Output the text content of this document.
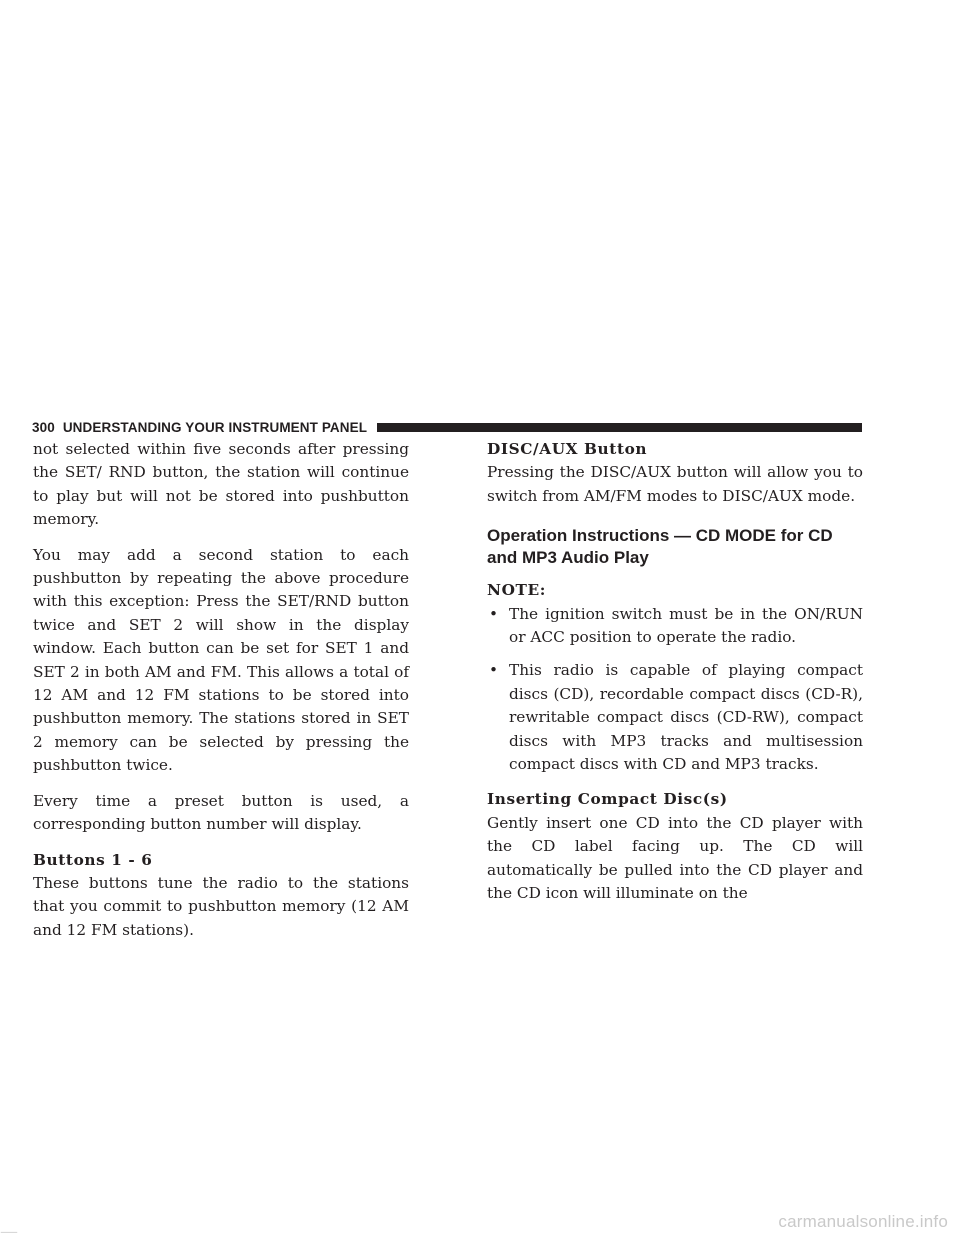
300 UNDERSTANDING YOUR INSTRUMENT PANEL

not selected within five seconds after pressing the SET/ RND button, the station will continue to play but will not be stored into pushbutton memory.

You may add a second station to each pushbutton by repeating the above procedure with this exception: Press the SET/RND button twice and SET 2 will show in the display window. Each button can be set for SET 1 and SET 2 in both AM and FM. This allows a total of 12 AM and 12 FM stations to be stored into pushbutton memory. The stations stored in SET 2 memory can be selected by pressing the pushbutton twice.

Every time a preset button is used, a corresponding button number will display.

Buttons 1 - 6

These buttons tune the radio to the stations that you commit to pushbutton memory (12 AM and 12 FM stations).

DISC/AUX Button

Pressing the DISC/AUX button will allow you to switch from AM/FM modes to DISC/AUX mode.

Operation Instructions — CD MODE for CD and MP3 Audio Play

NOTE:

• The ignition switch must be in the ON/RUN or ACC position to operate the radio.

• This radio is capable of playing compact discs (CD), recordable compact discs (CD-R), rewritable compact discs (CD-RW), compact discs with MP3 tracks and multisession compact discs with CD and MP3 tracks.

Inserting Compact Disc(s)

Gently insert one CD into the CD player with the CD label facing up. The CD will automatically be pulled into the CD player and the CD icon will illuminate on the

—	carmanualsonline.info
